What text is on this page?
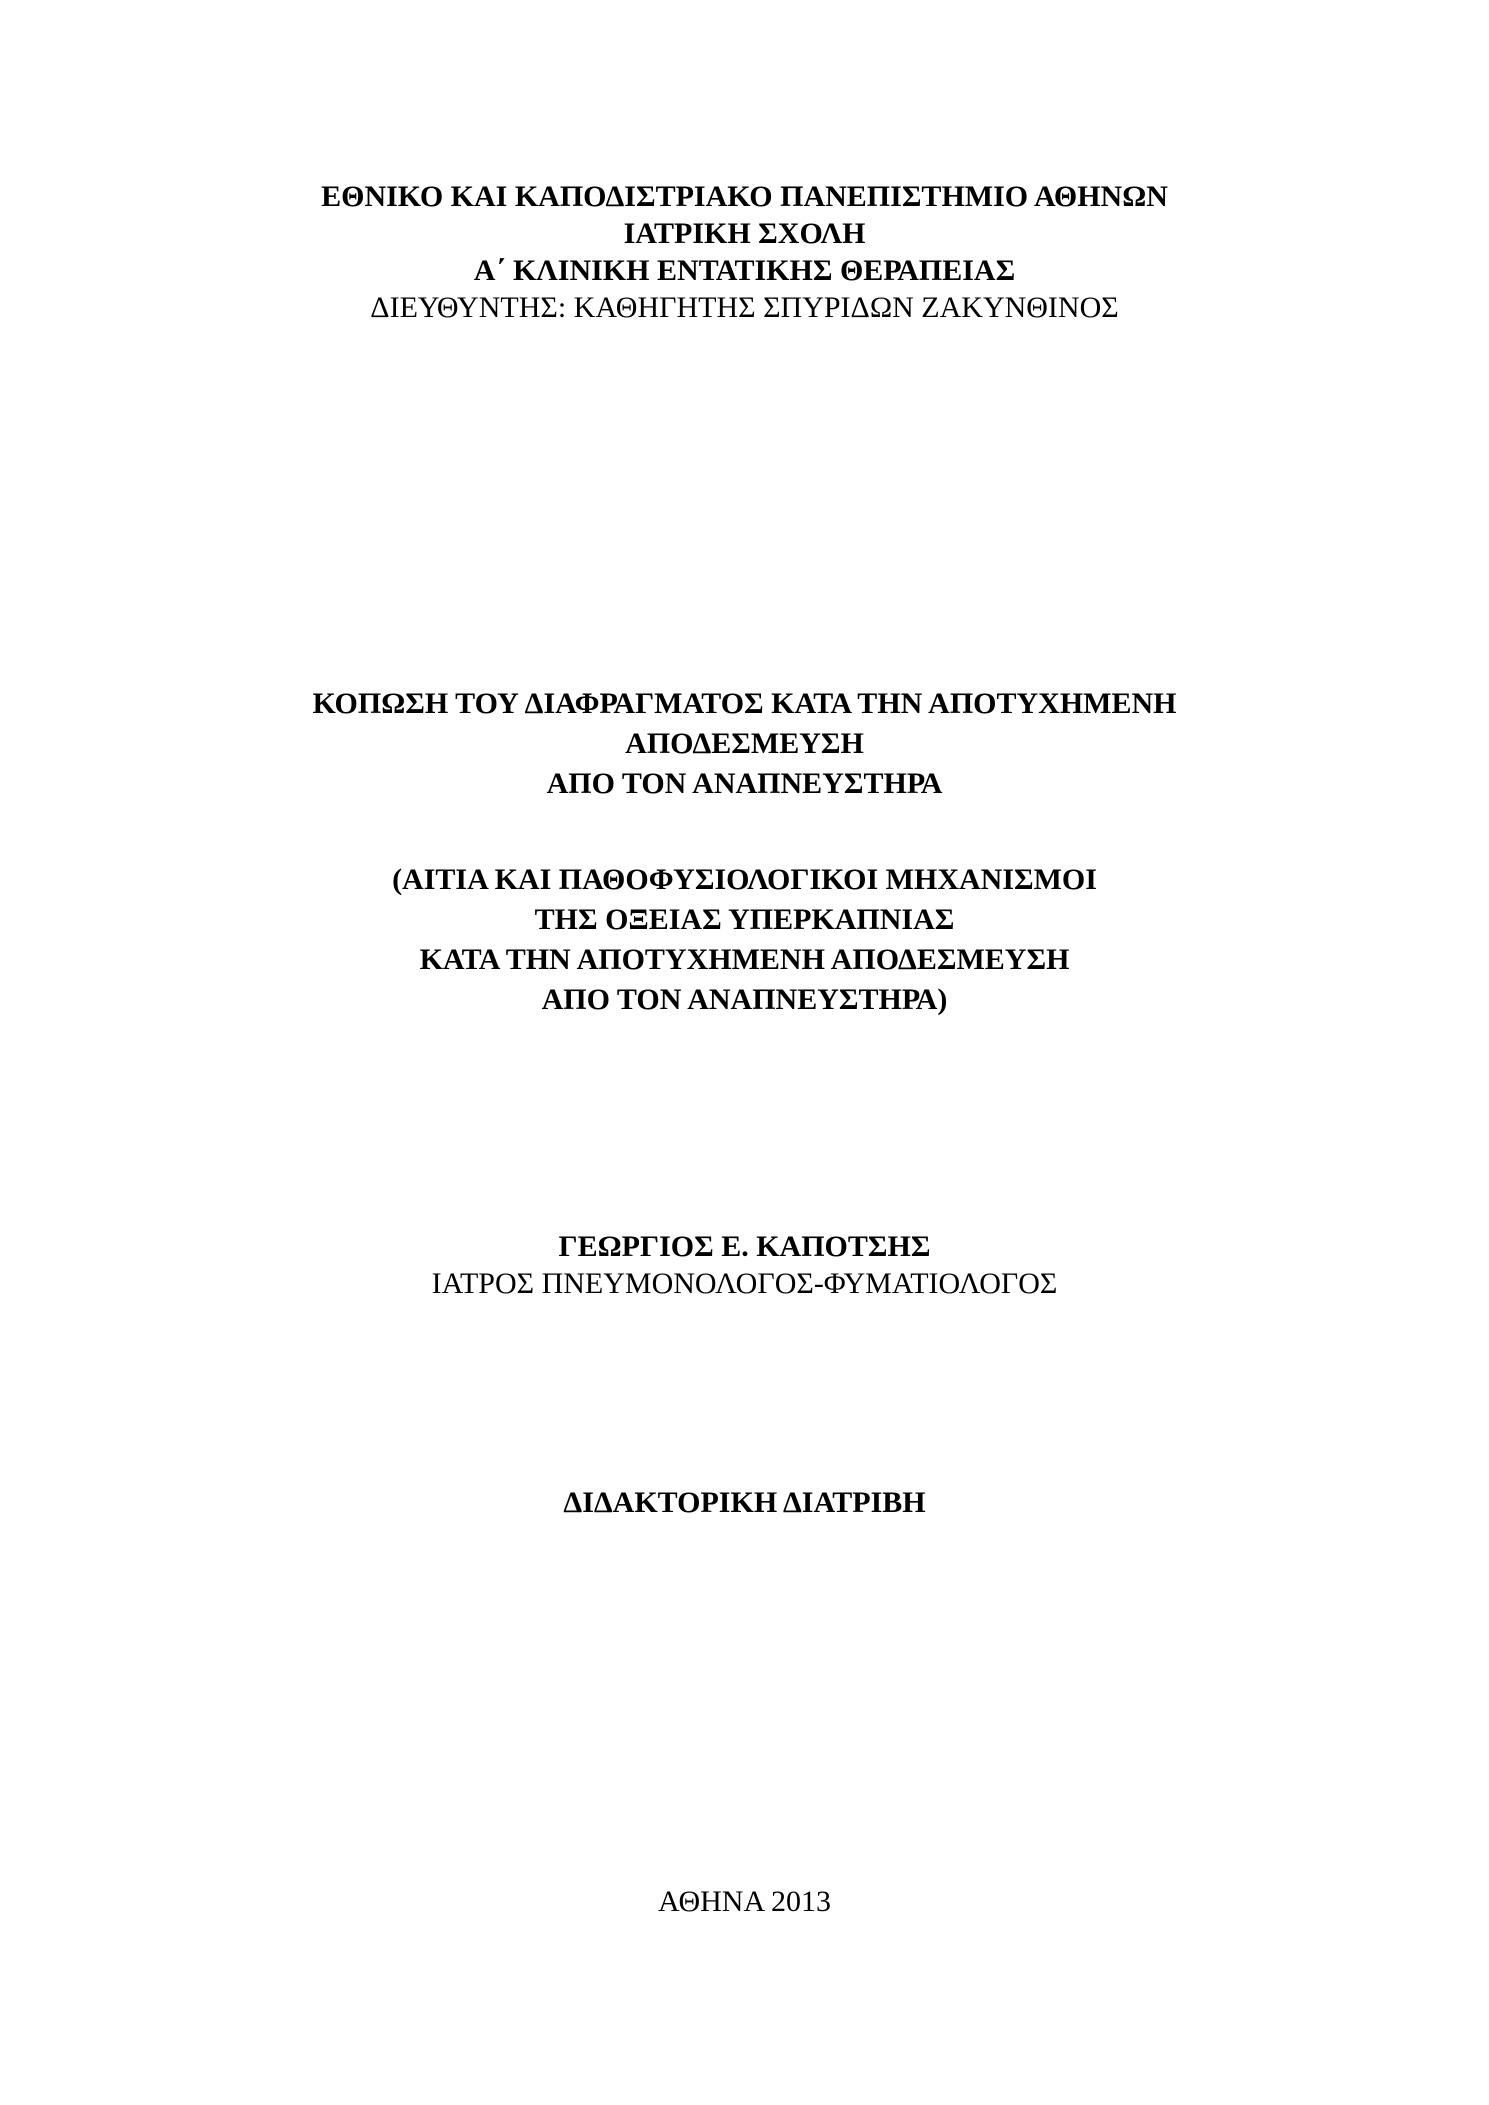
ΕΘΝΙΚΟ ΚΑΙ ΚΑΠΟΔΙΣΤΡΙΑΚΟ ΠΑΝΕΠΙΣΤΗΜΙΟ ΑΘΗΝΩΝ
ΙΑΤΡΙΚΗ ΣΧΟΛΗ
Α΄ ΚΛΙΝΙΚΗ ΕΝΤΑΤΙΚΗΣ ΘΕΡΑΠΕΙΑΣ
ΔΙΕΥΘΥΝΤΗΣ: ΚΑΘΗΓΗΤΗΣ ΣΠΥΡΙΔΩΝ ΖΑΚΥΝΘΙΝΟΣ
ΚΟΠΩΣΗ ΤΟΥ ΔΙΑΦΡΑΓΜΑΤΟΣ ΚΑΤΑ ΤΗΝ ΑΠΟΤΥΧΗΜΕΝΗ
ΑΠΟΔΕΣΜΕΥΣΗ
ΑΠΟ ΤΟΝ ΑΝΑΠΝΕΥΣΤΗΡΑ
(ΑΙΤΙΑ ΚΑΙ ΠΑΘΟΦΥΣΙΟΛΟΓΙΚΟΙ ΜΗΧΑΝΙΣΜΟΙ
ΤΗΣ ΟΞΕΙΑΣ ΥΠΕΡΚΑΠΝΙΑΣ
ΚΑΤΑ ΤΗΝ ΑΠΟΤΥΧΗΜΕΝΗ ΑΠΟΔΕΣΜΕΥΣΗ
ΑΠΟ ΤΟΝ ΑΝΑΠΝΕΥΣΤΗΡΑ)
ΓΕΩΡΓΙΟΣ Ε. ΚΑΠΟΤΣΗΣ
ΙΑΤΡΟΣ ΠΝΕΥΜΟΝΟΛΟΓΟΣ-ΦΥΜΑΤΙΟΛΟΓΟΣ
ΔΙΔΑΚΤΟΡΙΚΗ ΔΙΑΤΡΙΒΗ
ΑΘΗΝΑ 2013
